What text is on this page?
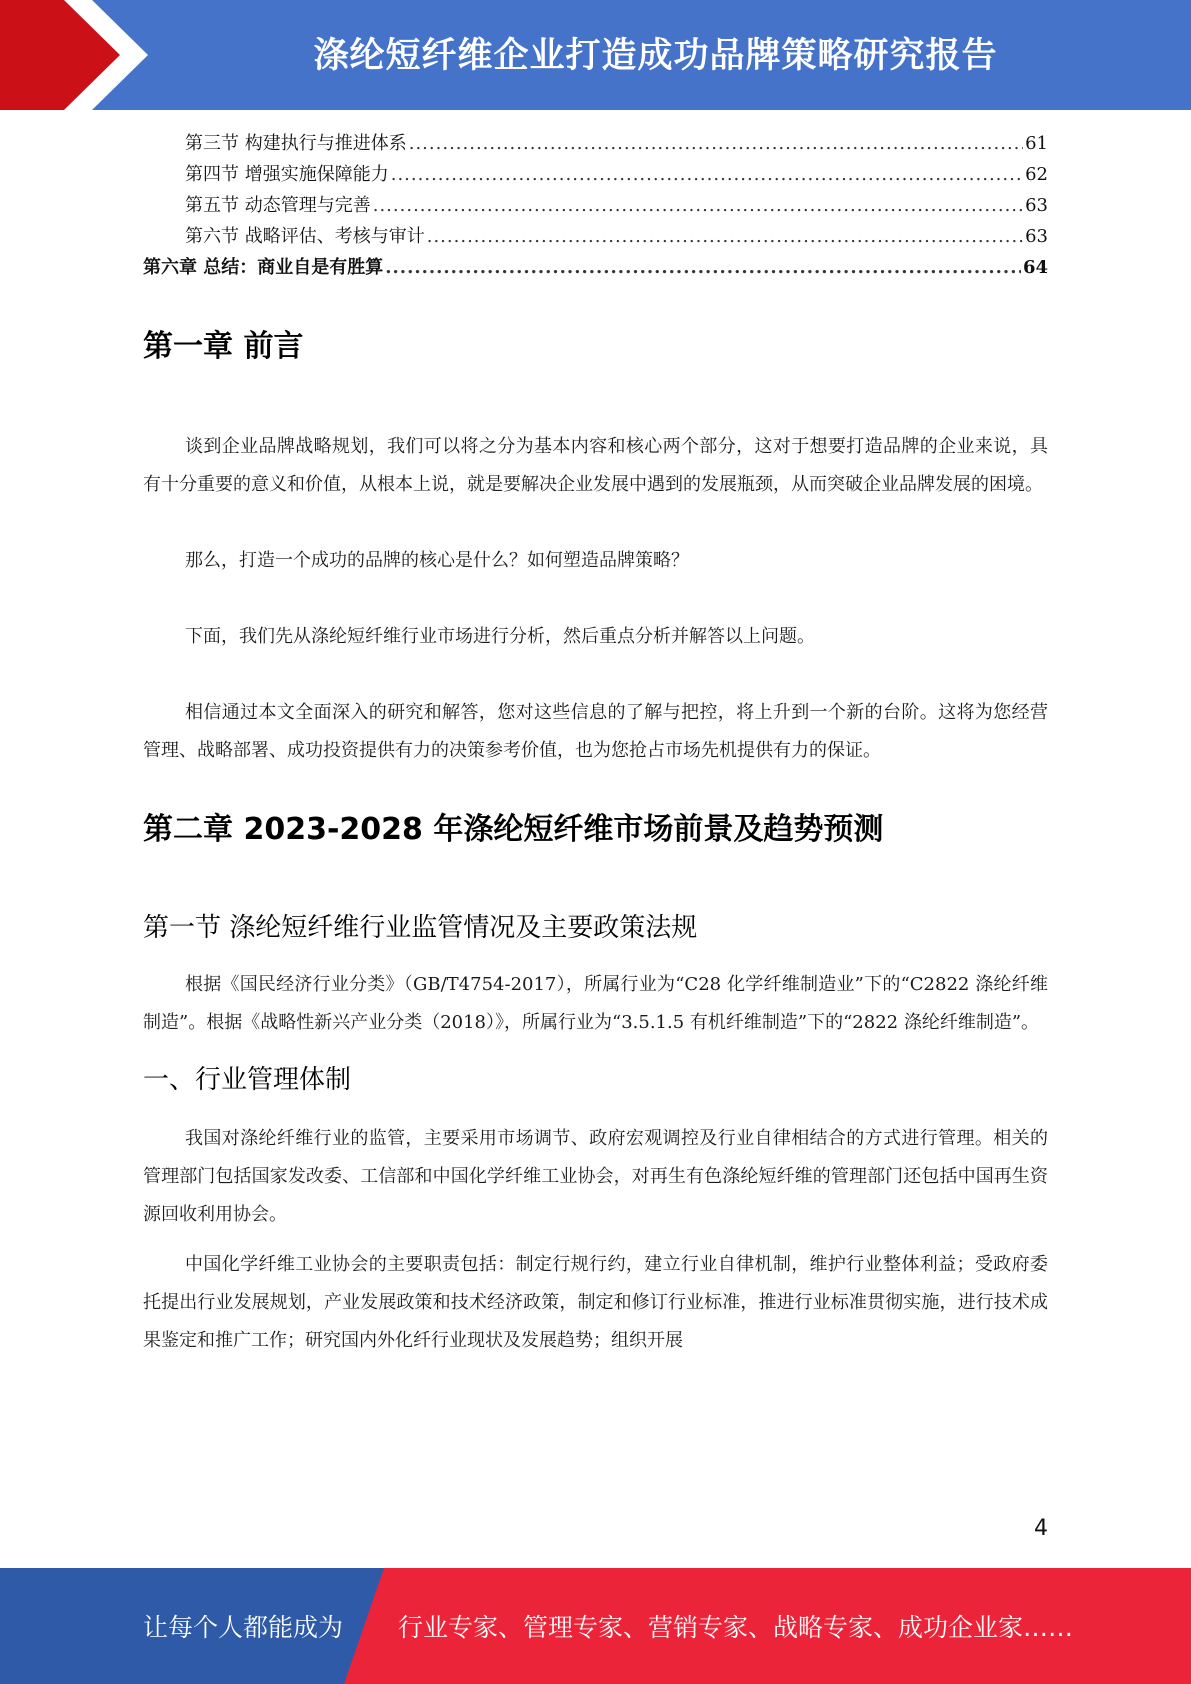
涤纶短纤维企业打造成功品牌策略研究报告
第三节 构建执行与推进体系 .....	61
第四节 增强实施保障能力 .....	62
第五节 动态管理与完善 .....	63
第六节 战略评估、考核与审计 .....	63
第六章 总结：商业自是有胜算 .....	64
第一章 前言

谈到企业品牌战略规划，我们可以将之分为基本内容和核心两个部分，这对于想要打造品牌的企业来说，具有十分重要的意义和价值，从根本上说，就是要解决企业发展中遇到的发展瓶颈，从而突破企业品牌发展的困境。

那么，打造一个成功的品牌的核心是什么？如何塑造品牌策略？

下面，我们先从涤纶短纤维行业市场进行分析，然后重点分析并解答以上问题。

相信通过本文全面深入的研究和解答，您对这些信息的了解与把控，将上升到一个新的台阶。这将为您经营管理、战略部署、成功投资提供有力的决策参考价值，也为您抢占市场先机提供有力的保证。

第二章 2023-2028 年涤纶短纤维市场前景及趋势预测
第一节 涤纶短纤维行业监管情况及主要政策法规

根据《国民经济行业分类》（GB/T4754-2017），所属行业为“C28 化学纤维制造业”下的“C2822 涤纶纤维制造”。根据《战略性新兴产业分类（2018）》，所属行业为“3.5.1.5 有机纤维制造”下的“2822 涤纶纤维制造”。

一、行业管理体制

我国对涤纶纤维行业的监管，主要采用市场调节、政府宏观调控及行业自律相结合的方式进行管理。相关的管理部门包括国家发改委、工信部和中国化学纤维工业协会，对再生有色涤纶短纤维的管理部门还包括中国再生资源回收利用协会。

中国化学纤维工业协会的主要职责包括：制定行规行约，建立行业自律机制，维护行业整体利益；受政府委托提出行业发展规划，产业发展政策和技术经济政策，制定和修订行业标准，推进行业标准贯彻实施，进行技术成果鉴定和推广工作；研究国内外化纤行业现状及发展趋势；组织开展

4
让每个人都能成为 行业专家、管理专家、营销专家、战略专家、成功企业家……
